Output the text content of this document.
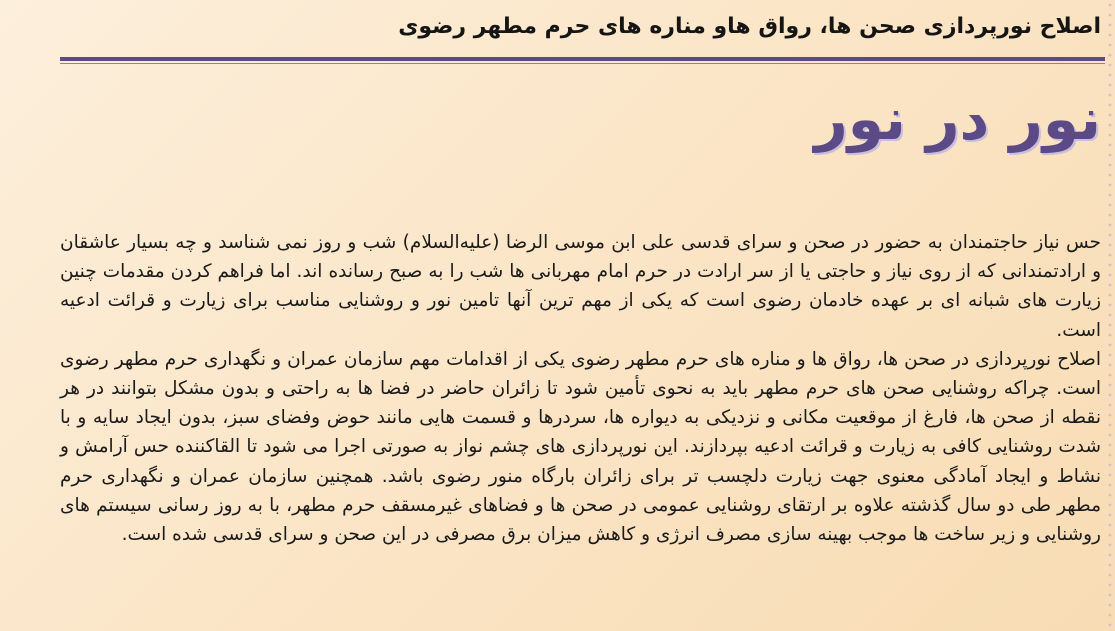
اصلاح نورپردازی صحن ها، رواق هاو مناره های حرم مطهر رضوی
نور در نور

حس نیاز حاجتمندان به حضور در صحن و سرای قدسی علی ابن موسی الرضا (علیه‌السلام) شب و روز نمی شناسد و چه بسیار عاشقان و ارادتمندانی که از روی نیاز و حاجتی یا از سر ارادت در حرم امام مهربانی ها شب را به صبح رسانده اند. اما فراهم کردن مقدمات چنین زیارت های شبانه ای بر عهده خادمان رضوی است که یکی از مهم ترین آنها تامین نور و روشنایی مناسب برای زیارت و قرائت ادعیه است.

اصلاح نورپردازی در صحن ها، رواق ها و مناره های حرم مطهر رضوی یکی از اقدامات مهم سازمان عمران و نگهداری حرم مطهر رضوی است. چراکه روشنایی صحن های حرم مطهر باید به نحوی تأمین شود تا زائران حاضر در فضا ها به راحتی و بدون مشکل بتوانند در هر نقطه از صحن ها، فارغ از موقعیت مکانی و نزدیکی به دیواره ها، سردرها و قسمت هایی مانند حوض وفضای سبز، بدون ایجاد سایه و با شدت روشنایی کافی به زیارت و قرائت ادعیه بپردازند. این نورپردازی های چشم نواز به صورتی اجرا می شود تا القاکننده حس آرامش و نشاط و ایجاد آمادگی معنوی جهت زیارت دلچسب تر برای زائران بارگاه منور رضوی باشد. همچنین سازمان عمران و نگهداری حرم مطهر طی دو سال گذشته علاوه بر ارتقای روشنایی عمومی در صحن ها و فضاهای غیرمسقف حرم مطهر، با به روز رسانی سیستم های روشنایی و زیر ساخت ها موجب بهینه سازی مصرف انرژی و کاهش میزان برق مصرفی در این صحن و سرای قدسی شده است.
